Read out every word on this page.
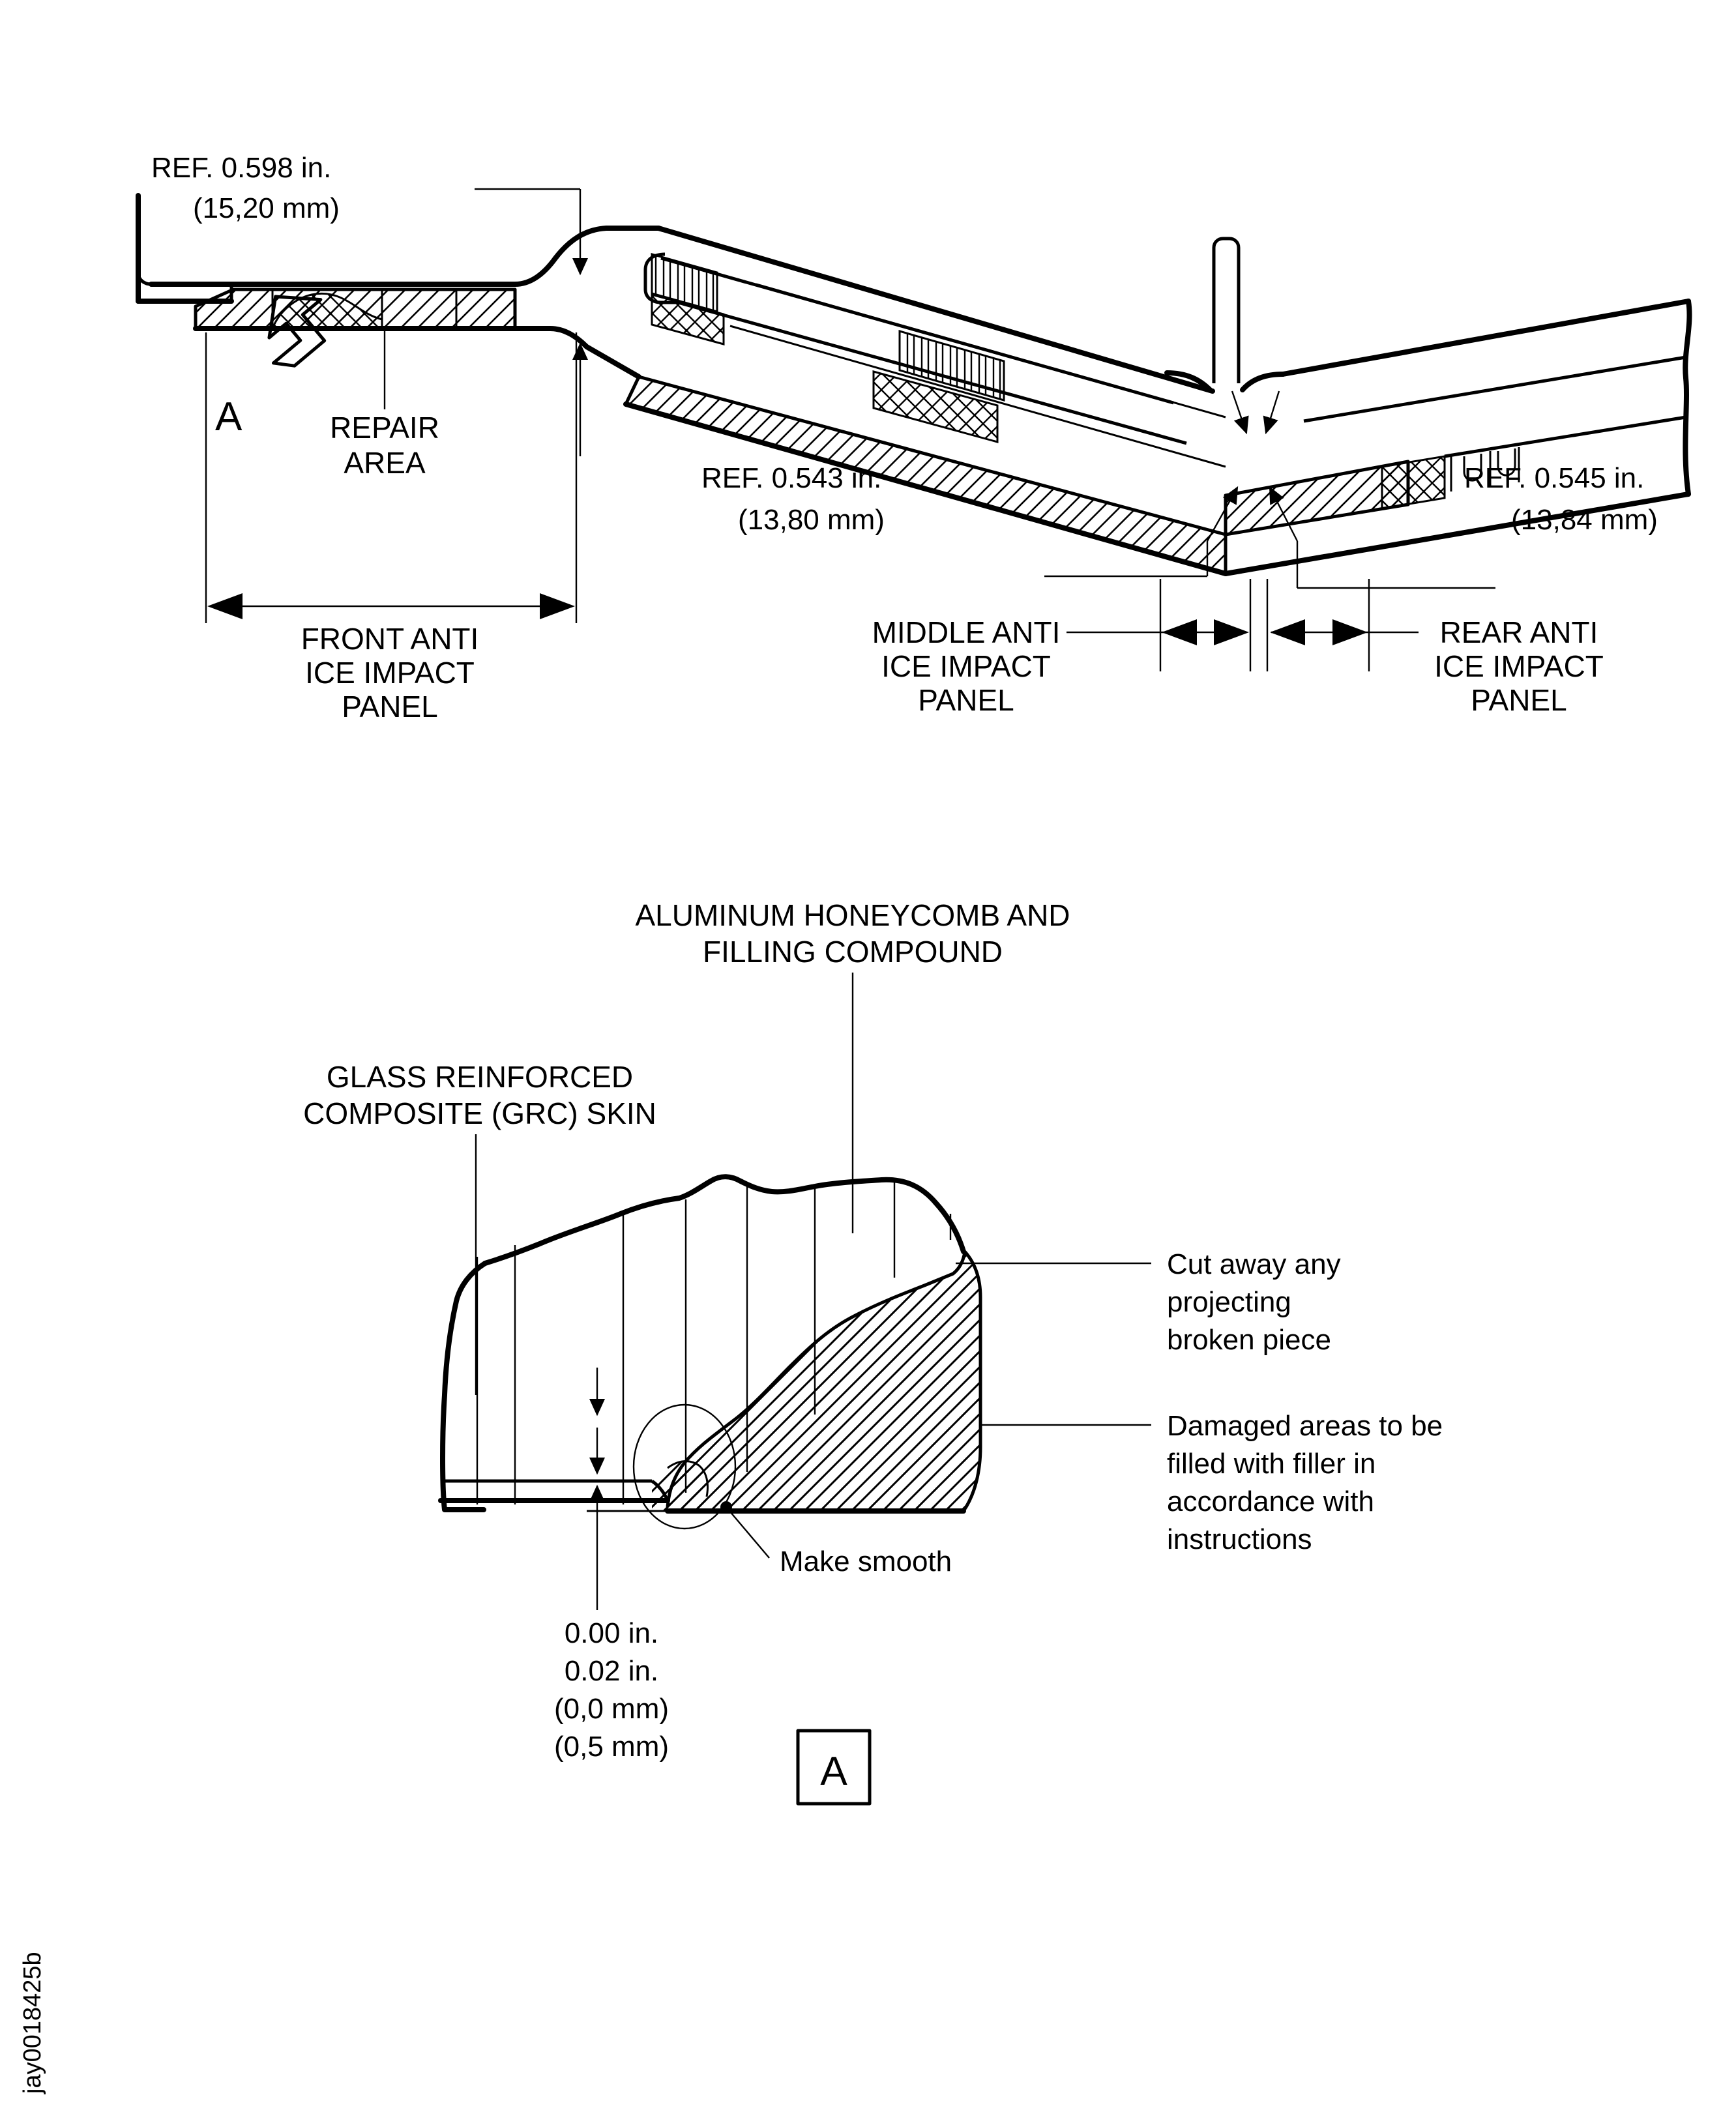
REF. 0.598 in.
(15,20 mm)
A	REPAIR
AREA	REF. 0.543 in.
(13,80 mm)
REF. 0.545 in.
(13,84 mm)
FRONT ANTI
ICE IMPACT
PANEL
MIDDLE ANTI
ICE IMPACT
PANEL
REAR ANTI
ICE IMPACT
PANEL
ALUMINUM HONEYCOMB AND
FILLING COMPOUND
GLASS REINFORCED
COMPOSITE (GRC) SKIN
Make smooth
0.00 in.
0.02 in.
(0,0 mm)
(0,5 mm)
Cut away any
projecting
broken piece
Damaged areas to be
filled with filler in
accordance with
instructions
A
jay0018425b
